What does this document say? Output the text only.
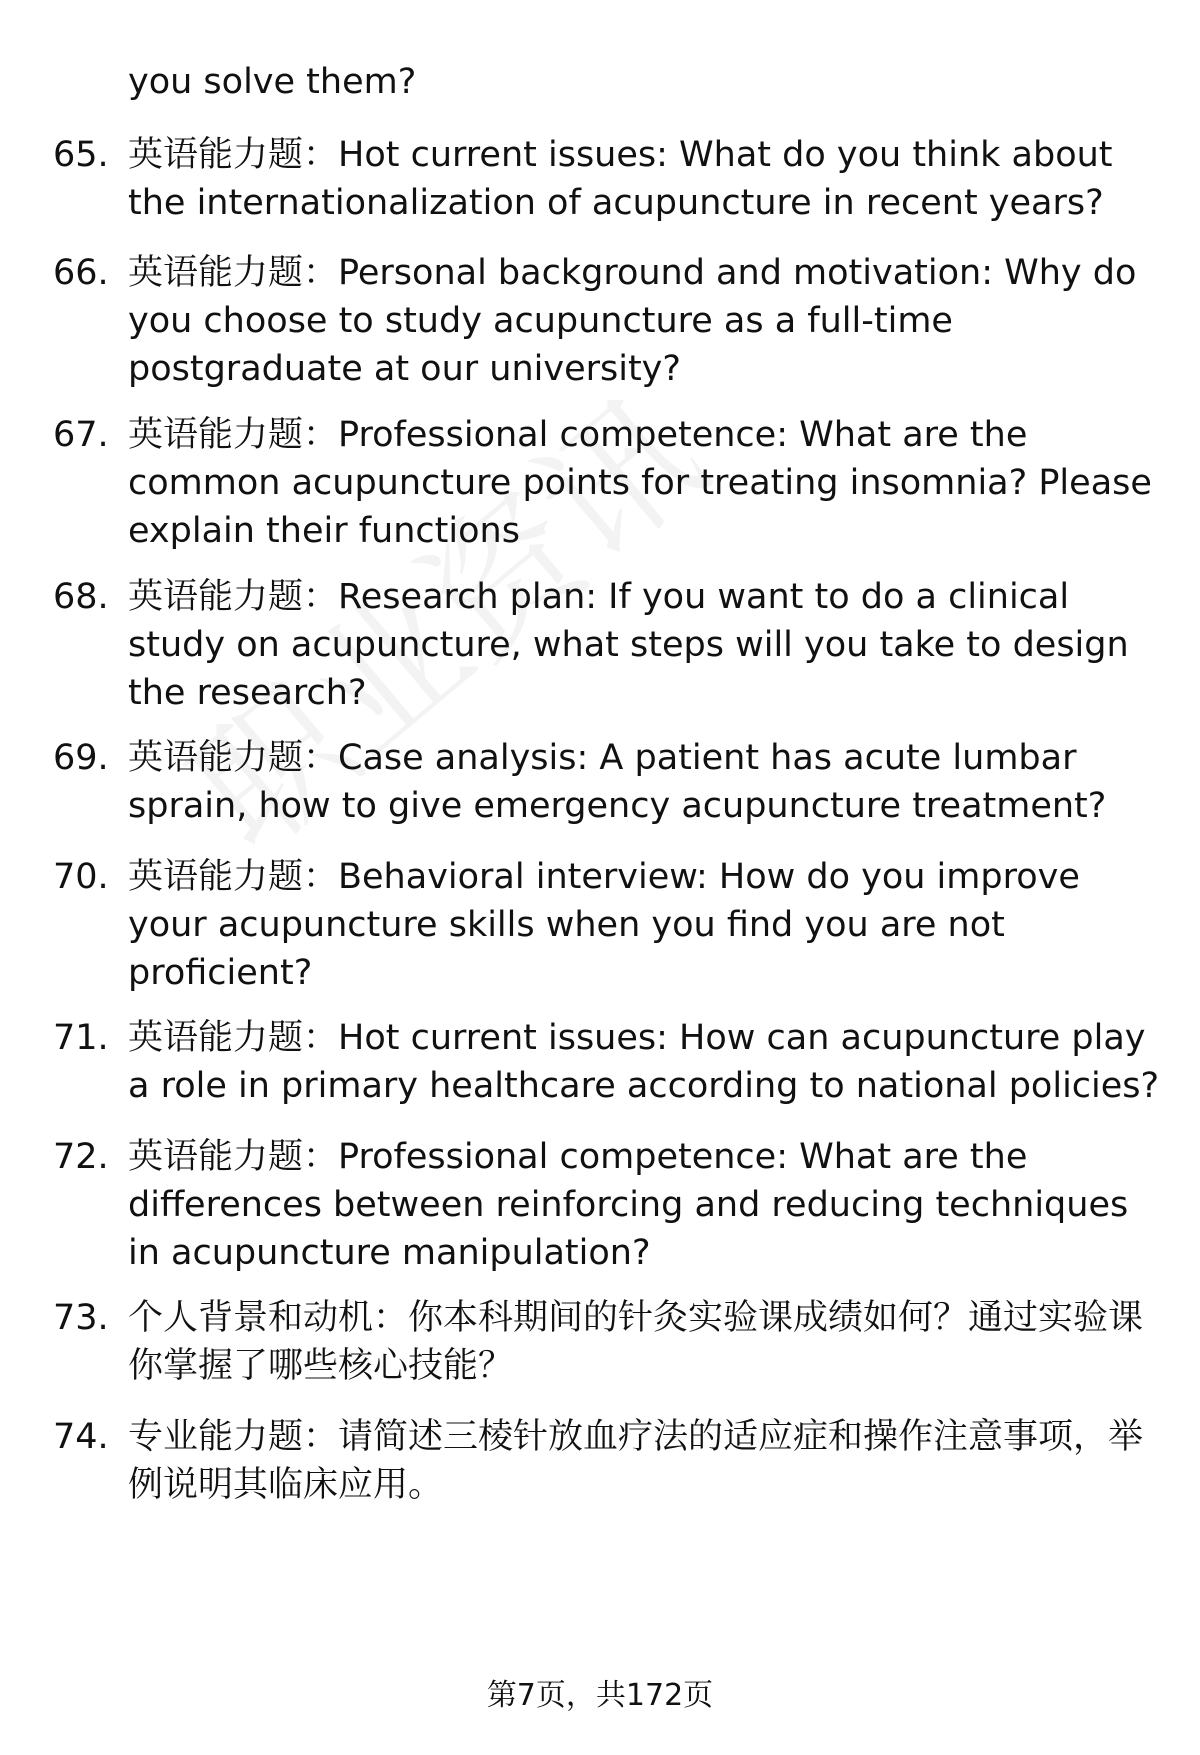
you solve them?

65. 英语能力题：Hot current issues: What do you think about the internationalization of acupuncture in recent years?

66. 英语能力题：Personal background and motivation: Why do you choose to study acupuncture as a full-time postgraduate at our university?

67. 英语能力题：Professional competence: What are the common acupuncture points for treating insomnia? Please explain their functions

68. 英语能力题：Research plan: If you want to do a clinical study on acupuncture, what steps will you take to design the research?

69. 英语能力题：Case analysis: A patient has acute lumbar sprain, how to give emergency acupuncture treatment?

70. 英语能力题：Behavioral interview: How do you improve your acupuncture skills when you find you are not proficient?

71. 英语能力题：Hot current issues: How can acupuncture play a role in primary healthcare according to national policies?

72. 英语能力题：Professional competence: What are the differences between reinforcing and reducing techniques in acupuncture manipulation?

73. 个人背景和动机：你本科期间的针灸实验课成绩如何？通过实验课你掌握了哪些核心技能？

74. 专业能力题：请简述三棱针放血疗法的适应症和操作注意事项，举例说明其临床应用。

第7页，共172页
